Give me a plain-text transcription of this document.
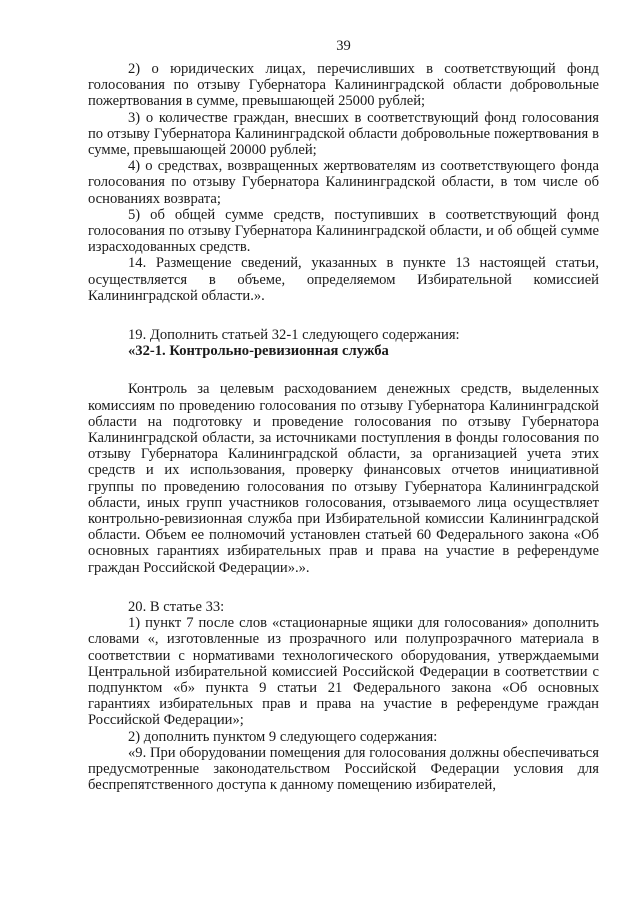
39

2) о юридических лицах, перечисливших в соответствующий фонд голосования по отзыву Губернатора Калининградской области добровольные пожертвования в сумме, превышающей 25000 рублей;

3) о количестве граждан, внесших в соответствующий фонд голосования по отзыву Губернатора Калининградской области добровольные пожертвования в сумме, превышающей 20000 рублей;

4) о средствах, возвращенных жертвователям из соответствующего фонда голосования по отзыву Губернатора Калининградской области, в том числе об основаниях возврата;

5) об общей сумме средств, поступивших в соответствующий фонд голосования по отзыву Губернатора Калининградской области, и об общей сумме израсходованных средств.

14. Размещение сведений, указанных в пункте 13 настоящей статьи, осуществляется в объеме, определяемом Избирательной комиссией Калининградской области.».

19. Дополнить статьей 32-1 следующего содержания:

«32-1. Контрольно-ревизионная служба

Контроль за целевым расходованием денежных средств, выделенных комиссиям по проведению голосования по отзыву Губернатора Калининградской области на подготовку и проведение голосования по отзыву Губернатора Калининградской области, за источниками поступления в фонды голосования по отзыву Губернатора Калининградской области, за организацией учета этих средств и их использования, проверку финансовых отчетов инициативной группы по проведению голосования по отзыву Губернатора Калининградской области, иных групп участников голосования, отзываемого лица осуществляет контрольно-ревизионная служба при Избирательной комиссии Калининградской области. Объем ее полномочий установлен статьей 60 Федерального закона «Об основных гарантиях избирательных прав и права на участие в референдуме граждан Российской Федерации».».

20. В статье 33:

1) пункт 7 после слов «стационарные ящики для голосования» дополнить словами «, изготовленные из прозрачного или полупрозрачного материала в соответствии с нормативами технологического оборудования, утверждаемыми Центральной избирательной комиссией Российской Федерации в соответствии с подпунктом «б» пункта 9 статьи 21 Федерального закона «Об основных гарантиях избирательных прав и права на участие в референдуме граждан Российской Федерации»;

2) дополнить пунктом 9 следующего содержания:

«9. При оборудовании помещения для голосования должны обеспечиваться предусмотренные законодательством Российской Федерации условия для беспрепятственного доступа к данному помещению избирателей,
